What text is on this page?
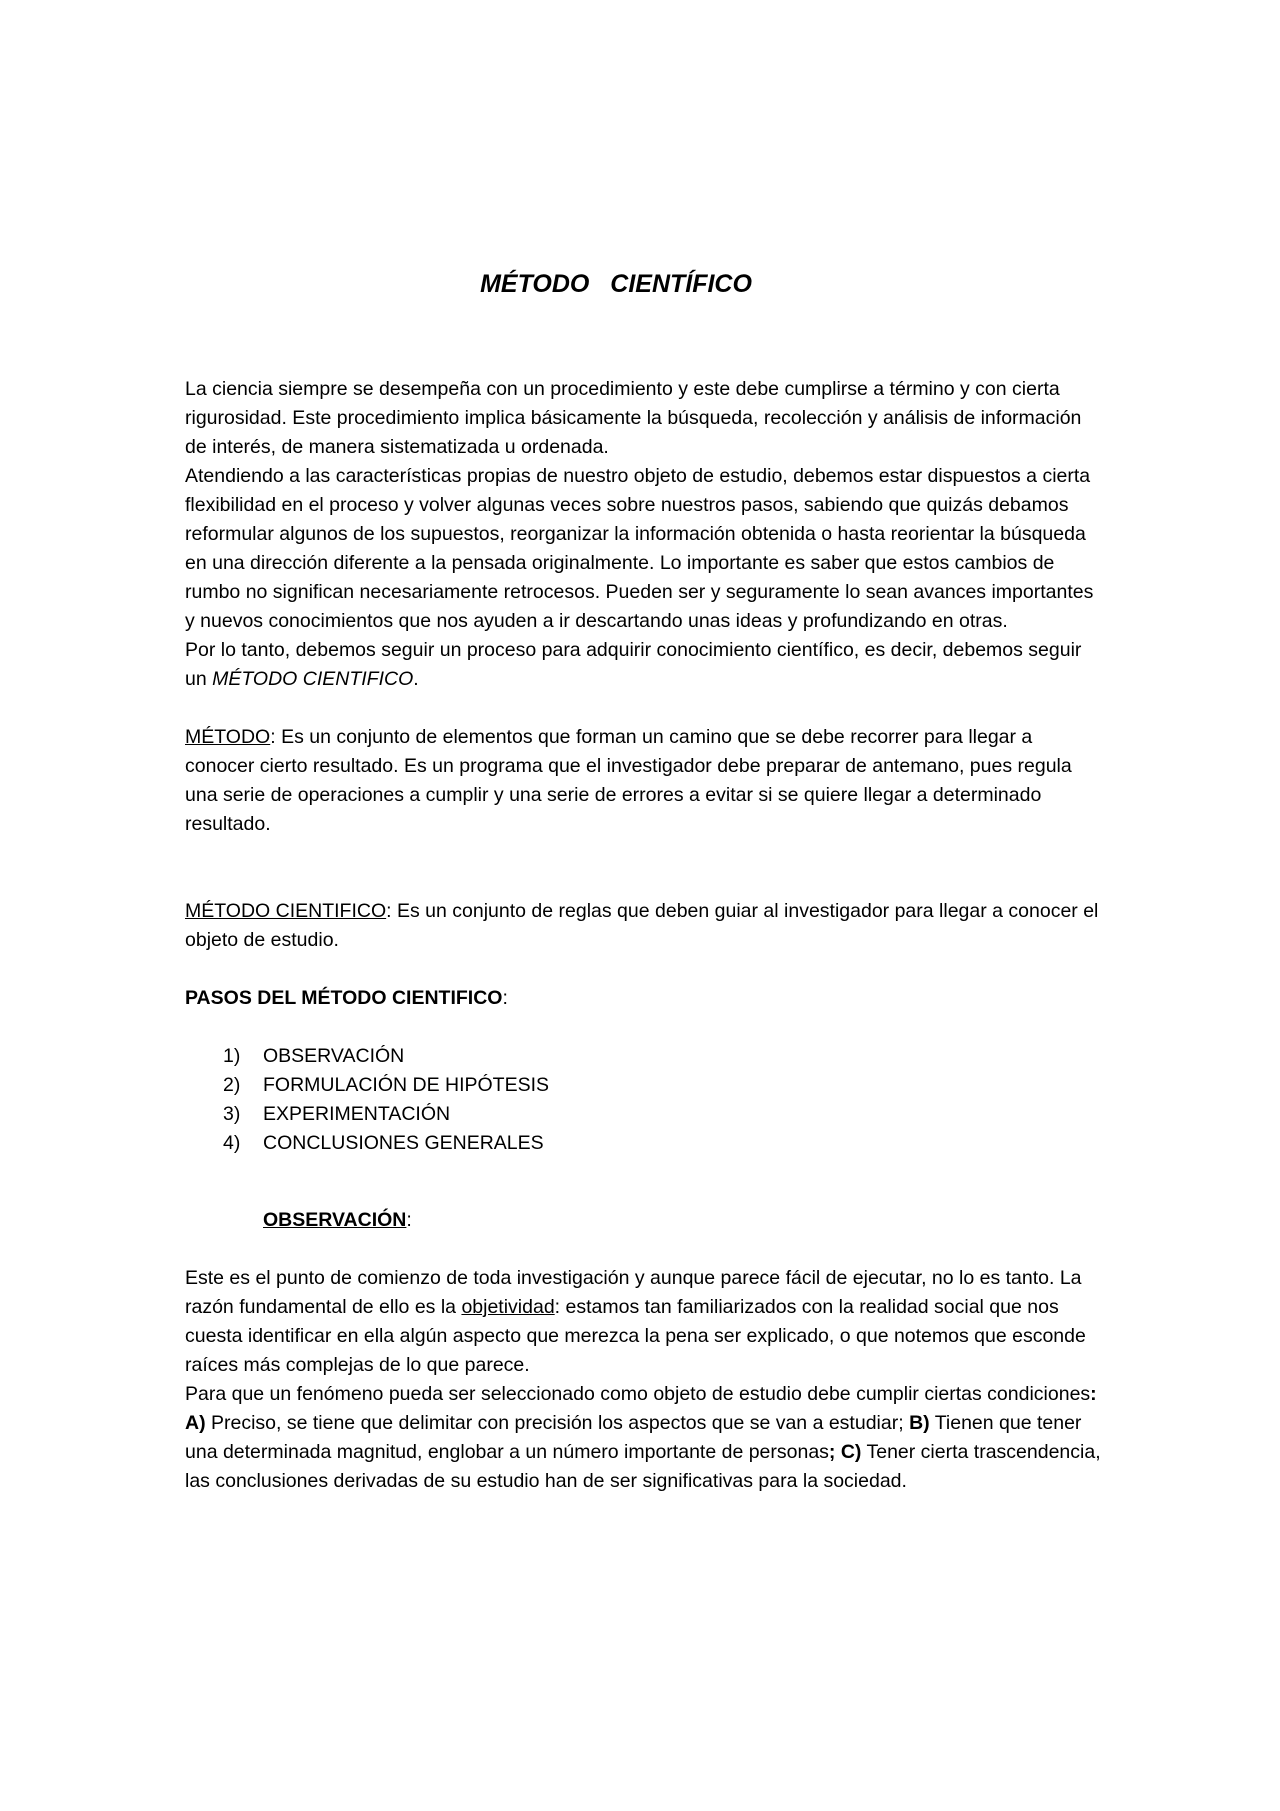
MÉTODO CIENTÍFICO

La ciencia siempre se desempeña con un procedimiento y este debe cumplirse a término y con cierta rigurosidad. Este procedimiento implica básicamente la búsqueda, recolección y análisis de información de interés, de manera sistematizada u ordenada.

Atendiendo a las características propias de nuestro objeto de estudio, debemos estar dispuestos a cierta flexibilidad en el proceso y volver algunas veces sobre nuestros pasos, sabiendo que quizás debamos reformular algunos de los supuestos, reorganizar la información obtenida o hasta reorientar la búsqueda en una dirección diferente a la pensada originalmente. Lo importante es saber que estos cambios de rumbo no significan necesariamente retrocesos. Pueden ser y seguramente lo sean avances importantes y nuevos conocimientos que nos ayuden a ir descartando unas ideas y profundizando en otras.

Por lo tanto, debemos seguir un proceso para adquirir conocimiento científico, es decir, debemos seguir un MÉTODO CIENTIFICO.

MÉTODO: Es un conjunto de elementos que forman un camino que se debe recorrer para llegar a conocer cierto resultado. Es un programa que el investigador debe preparar de antemano, pues regula una serie de operaciones a cumplir y una serie de errores a evitar si se quiere llegar a determinado resultado.

MÉTODO CIENTIFICO: Es un conjunto de reglas que deben guiar al investigador para llegar a conocer el objeto de estudio.

PASOS DEL MÉTODO CIENTIFICO:

1)	OBSERVACIÓN
2)	FORMULACIÓN DE HIPÓTESIS
3)	EXPERIMENTACIÓN
4)	CONCLUSIONES GENERALES

OBSERVACIÓN:

Este es el punto de comienzo de toda investigación y aunque parece fácil de ejecutar, no lo es tanto. La razón fundamental de ello es la objetividad: estamos tan familiarizados con la realidad social que nos cuesta identificar en ella algún aspecto que merezca la pena ser explicado, o que notemos que esconde raíces más complejas de lo que parece.

Para que un fenómeno pueda ser seleccionado como objeto de estudio debe cumplir ciertas condiciones: A) Preciso, se tiene que delimitar con precisión los aspectos que se van a estudiar; B) Tienen que tener una determinada magnitud, englobar a un número importante de personas; C) Tener cierta trascendencia, las conclusiones derivadas de su estudio han de ser significativas para la sociedad.
